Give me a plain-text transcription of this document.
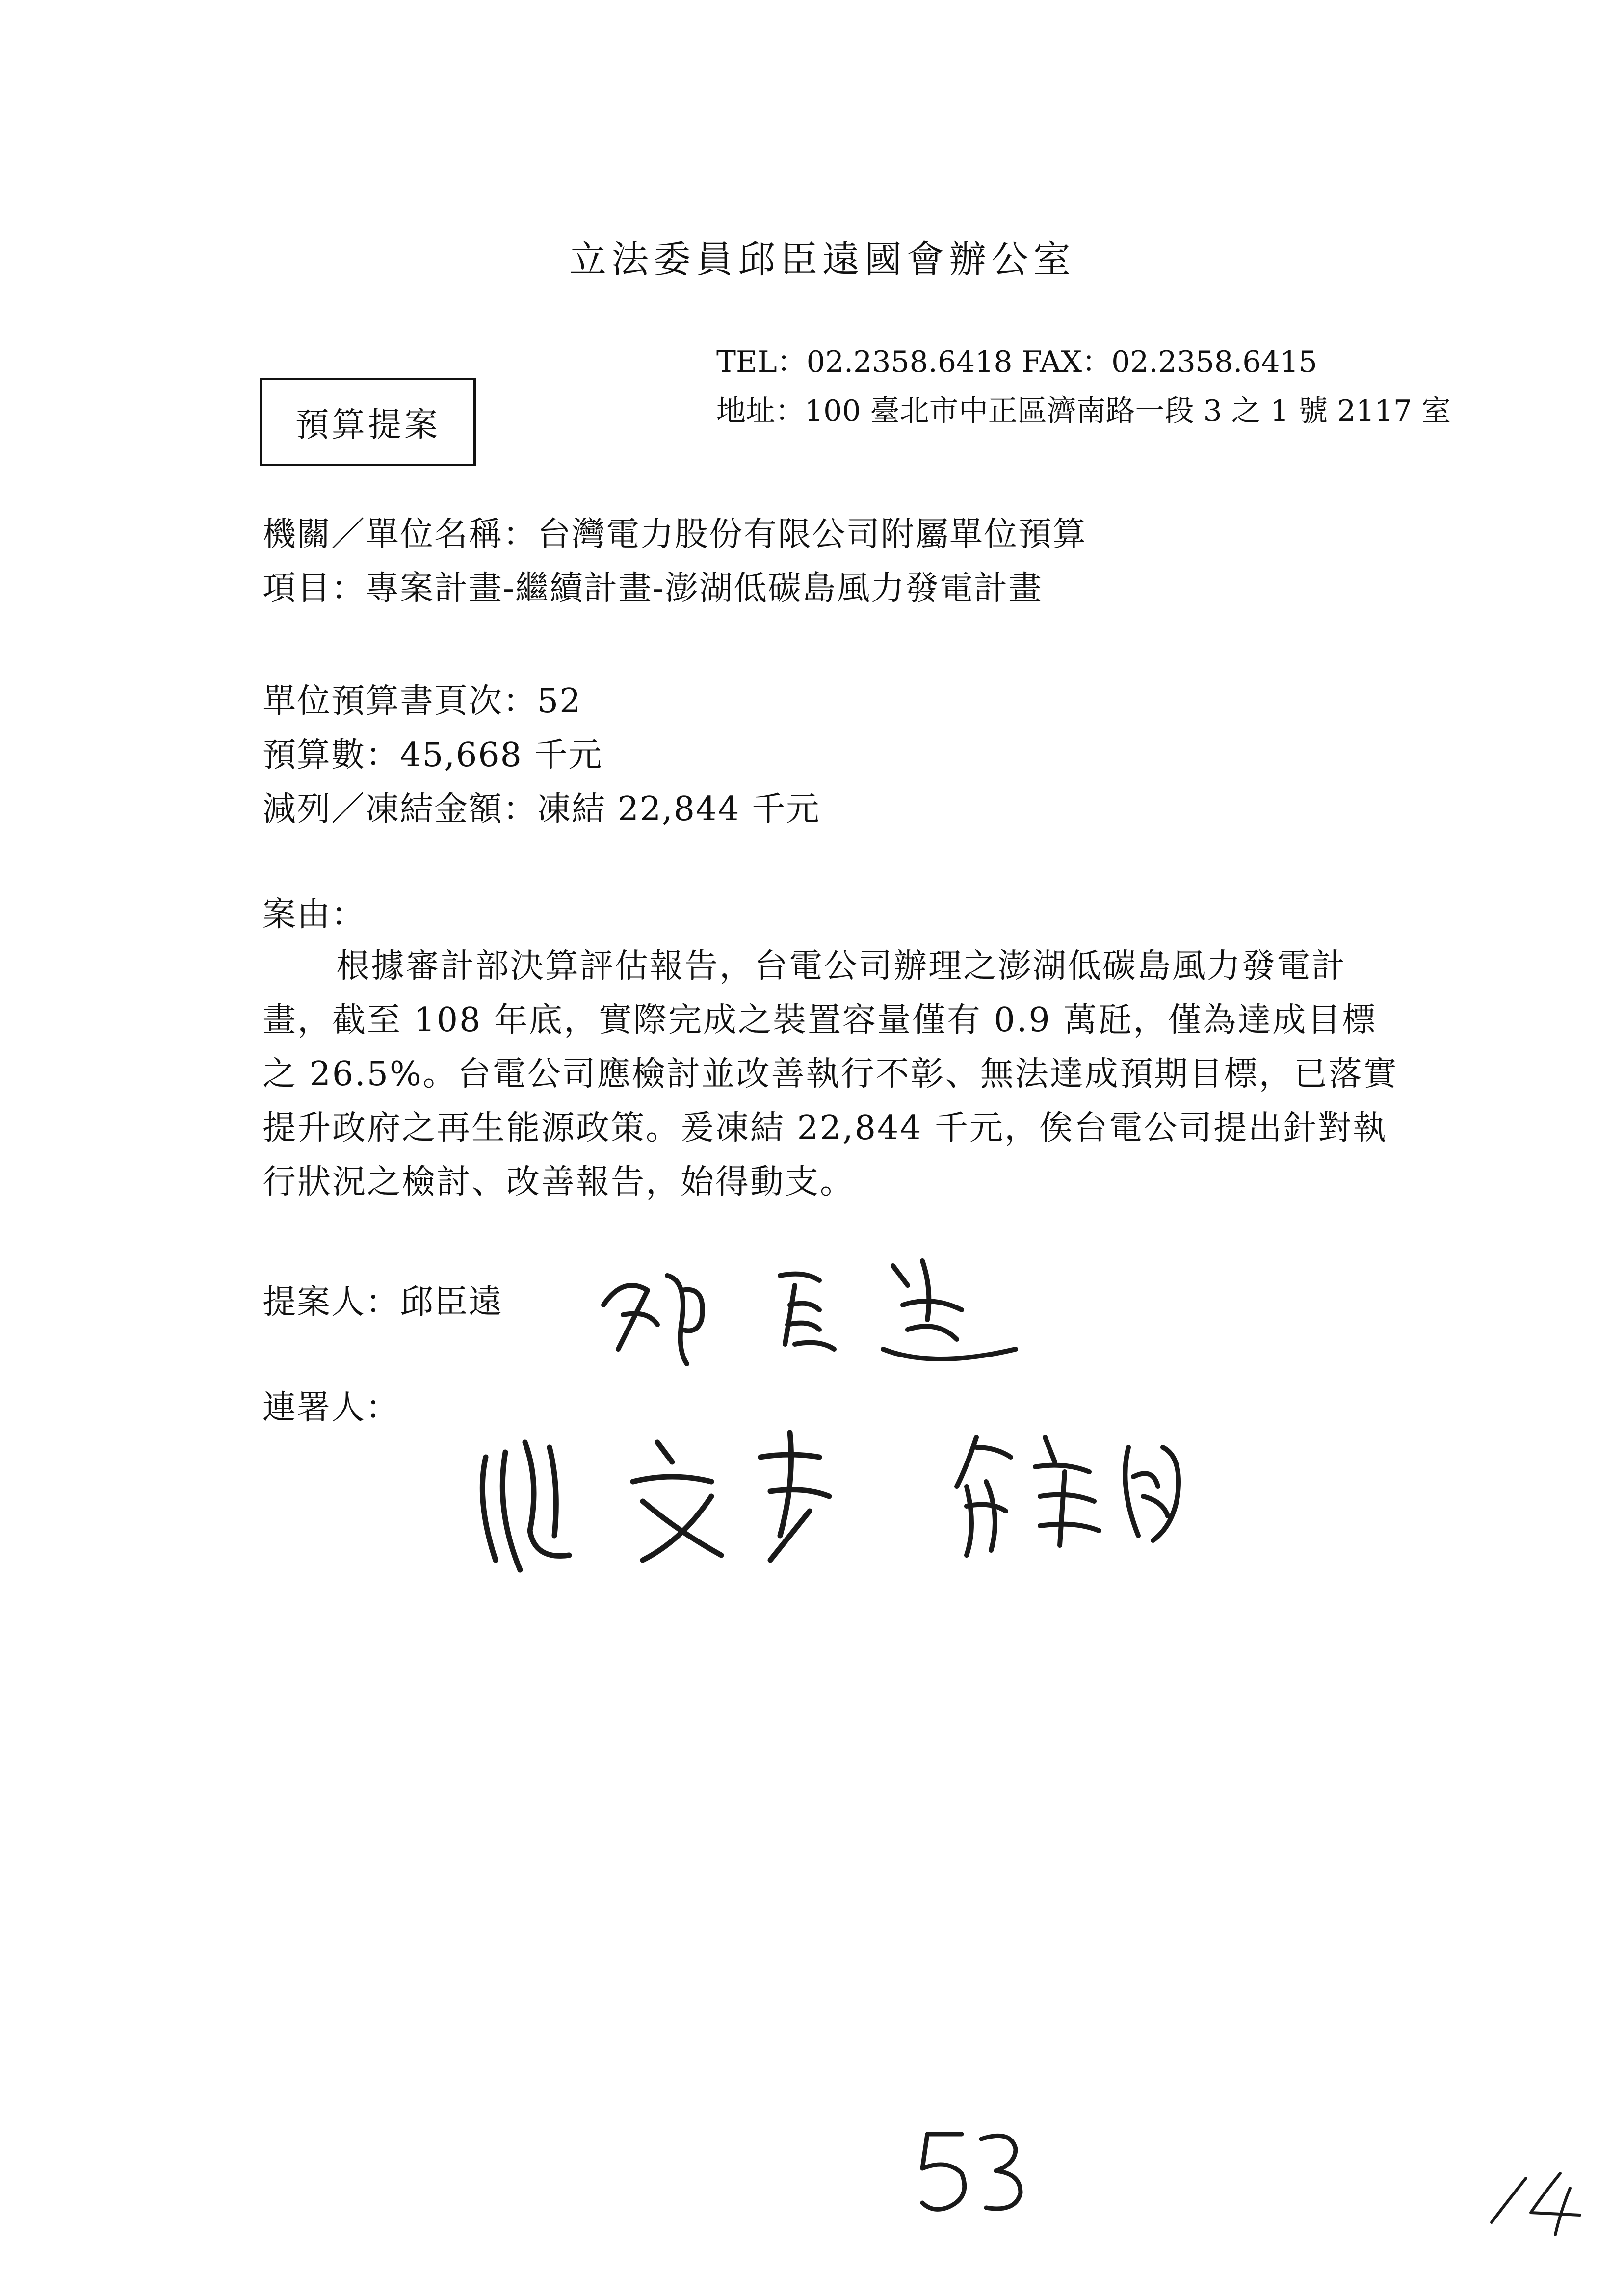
立法委員邱臣遠國會辦公室
TEL：02.2358.6418 FAX：02.2358.6415
地址：100 臺北市中正區濟南路一段 3 之 1 號 2117 室
預算提案
機關／單位名稱：台灣電力股份有限公司附屬單位預算
項目：專案計畫-繼續計畫-澎湖低碳島風力發電計畫
單位預算書頁次：52
預算數：45,668 千元
減列／凍結金額：凍結 22,844 千元
案由：
根據審計部決算評估報告，台電公司辦理之澎湖低碳島風力發電計畫，截至 108 年底，實際完成之裝置容量僅有 0.9 萬瓩，僅為達成目標之 26.5%。台電公司應檢討並改善執行不彰、無法達成預期目標，已落實提升政府之再生能源政策。爰凍結 22,844 千元，俟台電公司提出針對執行狀況之檢討、改善報告，始得動支。
提案人：邱臣遠
連署人：
